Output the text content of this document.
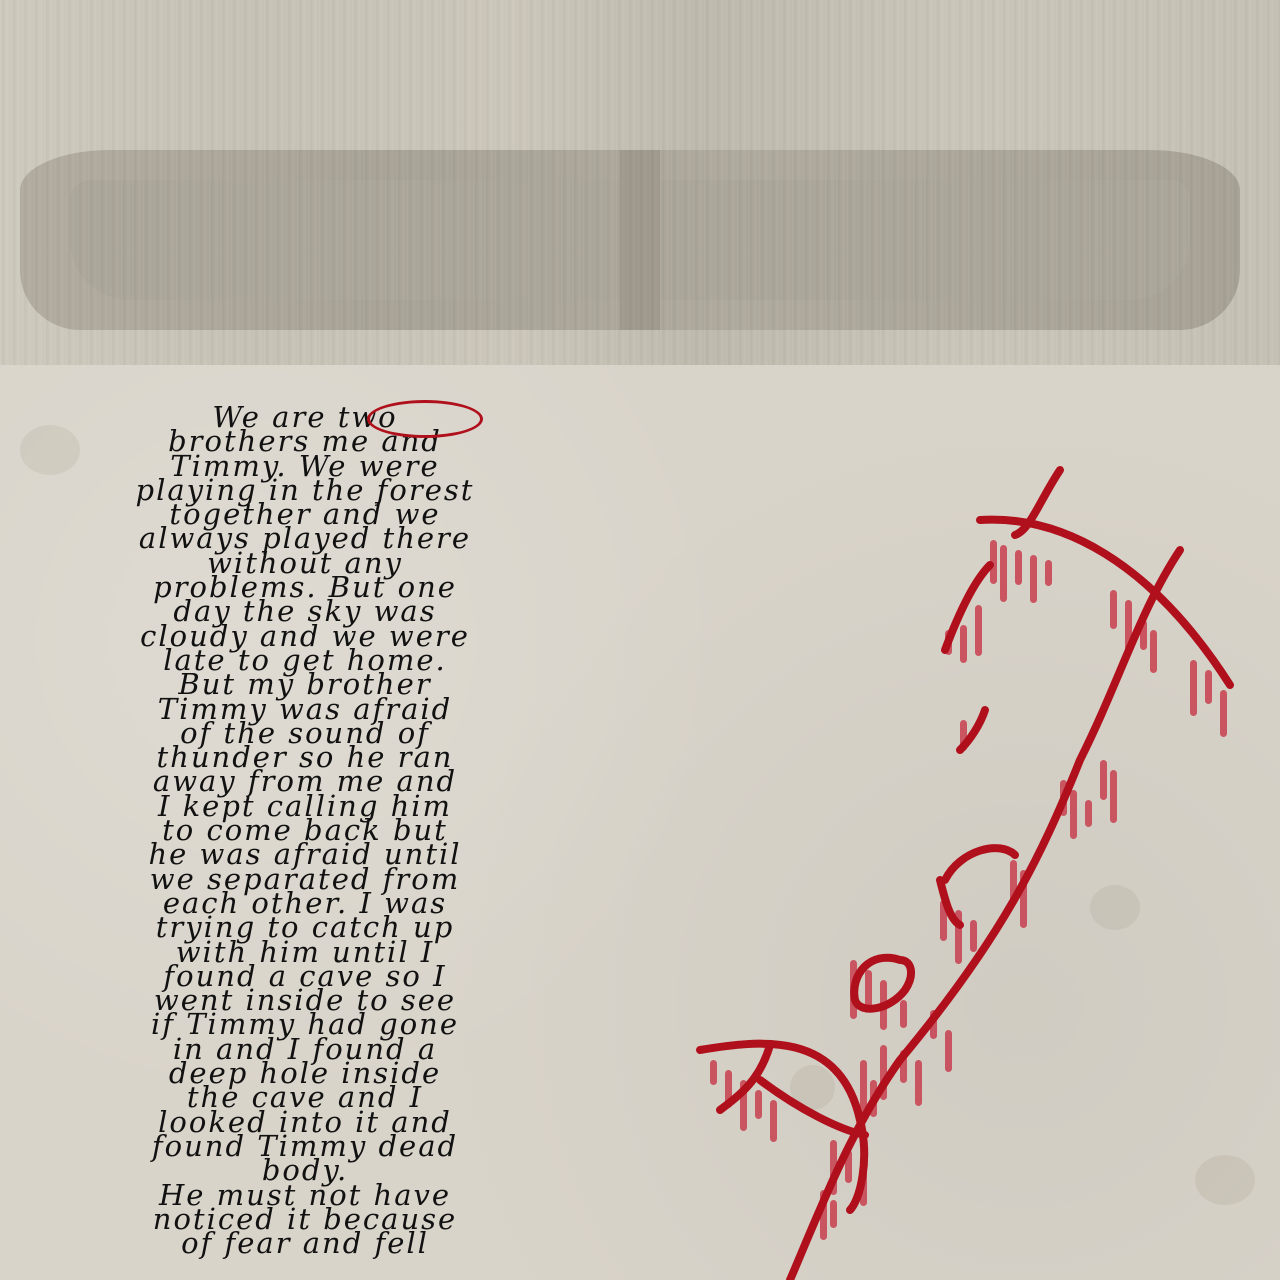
We are two
brothers me and
Timmy. We were
playing in the forest
together and we
always played there
without any
problems. But one
day the sky was
cloudy and we were
late to get home.
But my brother
Timmy was afraid
of the sound of
thunder so he ran
away from me and
I kept calling him
to come back but
he was afraid until
we separated from
each other. I was
trying to catch up
with him until I
found a cave so I
went inside to see
if Timmy had gone
in and I found a
deep hole inside
the cave and I
looked into it and
found Timmy dead
body.
He must not have
noticed it because
of fear and fell
